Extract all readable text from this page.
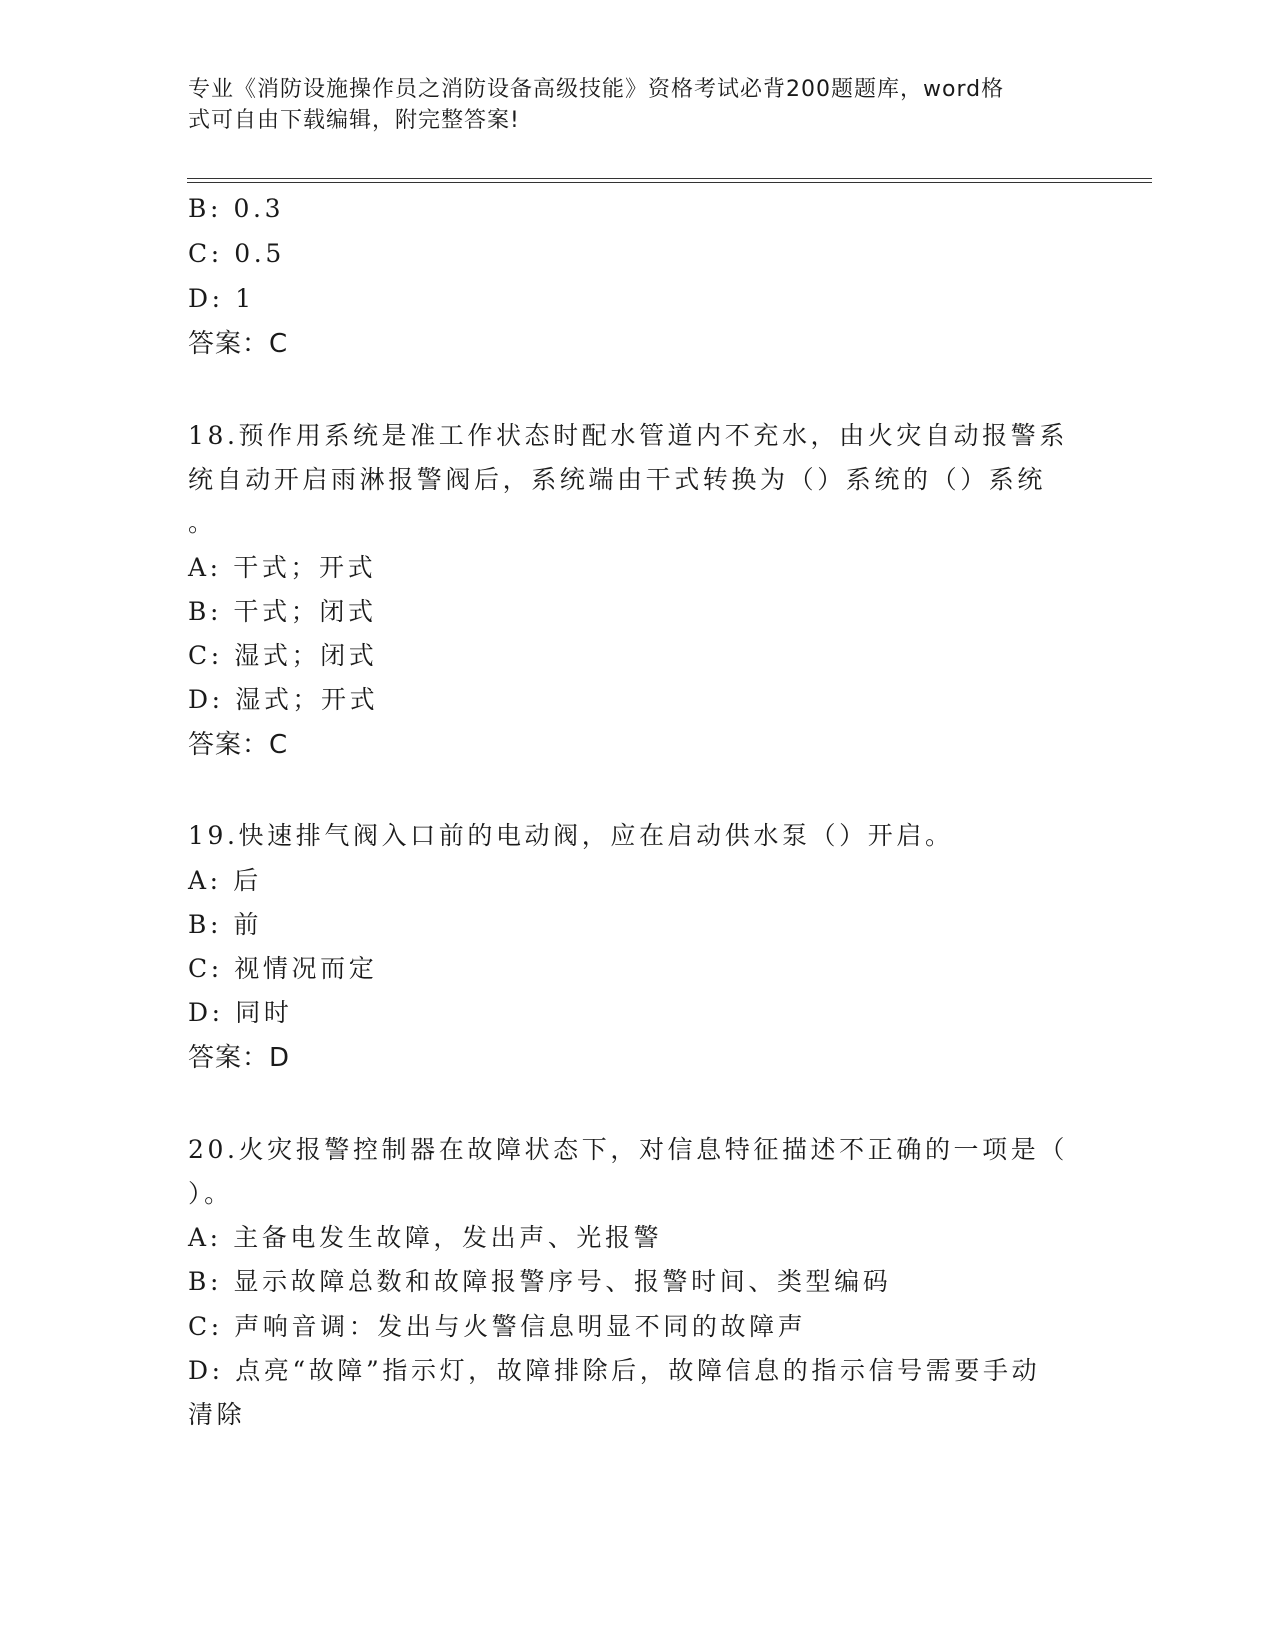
专业《消防设施操作员之消防设备高级技能》资格考试必背200题题库，word格
式可自由下载编辑，附完整答案!
B: 0.3
C: 0.5
D: 1
答案：C
18.预作用系统是准工作状态时配水管道内不充水，由火灾自动报警系
统自动开启雨淋报警阀后，系统端由干式转换为（）系统的（）系统
。
A: 干式；开式
B: 干式；闭式
C: 湿式；闭式
D: 湿式；开式
答案：C
19.快速排气阀入口前的电动阀，应在启动供水泵（）开启。
A: 后
B: 前
C: 视情况而定
D: 同时
答案：D
20.火灾报警控制器在故障状态下，对信息特征描述不正确的一项是（
）。
A: 主备电发生故障，发出声、光报警
B: 显示故障总数和故障报警序号、报警时间、类型编码
C: 声响音调：发出与火警信息明显不同的故障声
D: 点亮“故障”指示灯，故障排除后，故障信息的指示信号需要手动
清除
